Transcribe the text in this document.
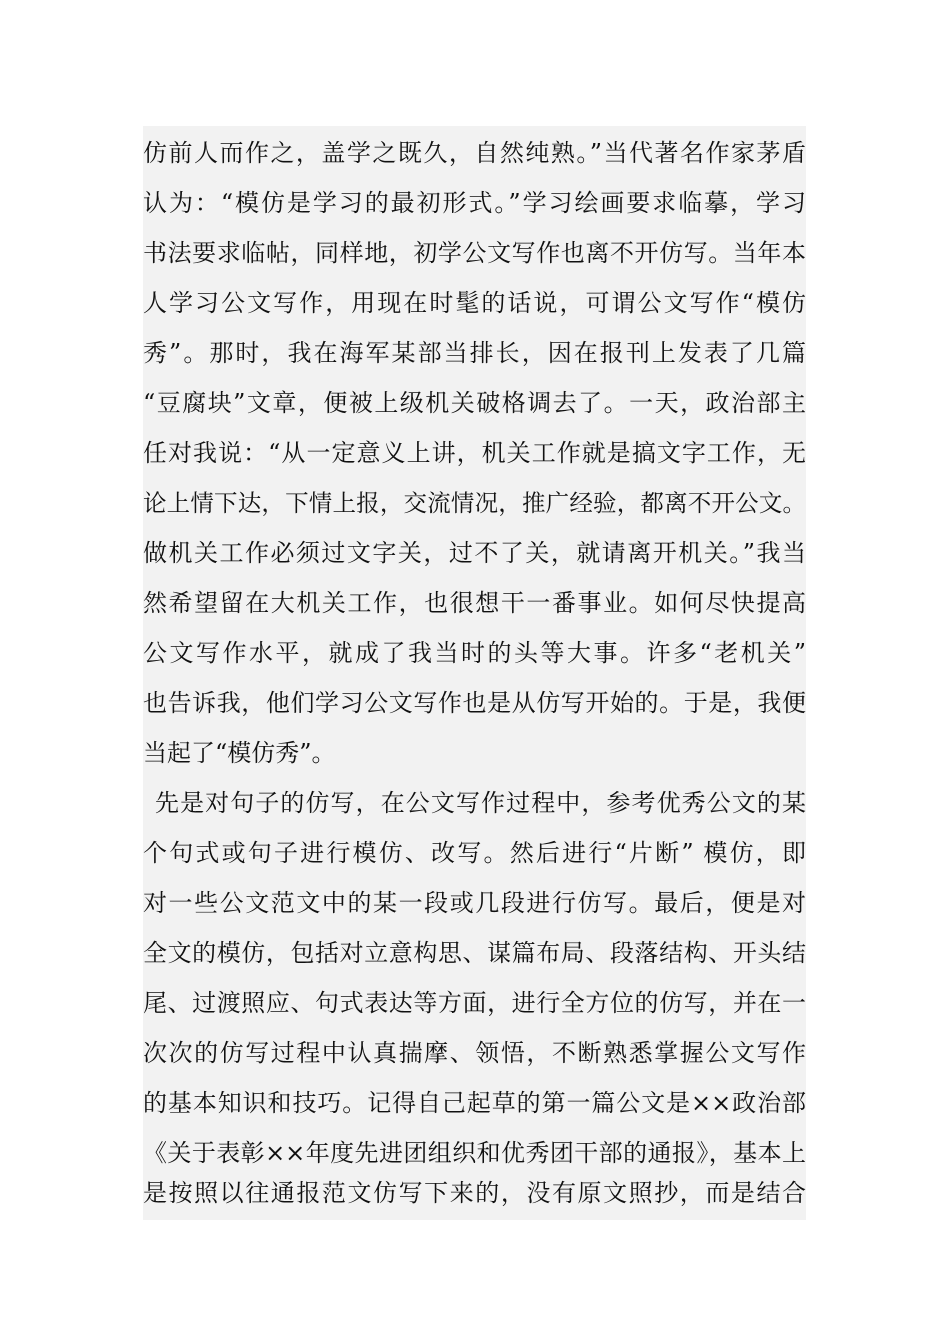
仿前人而作之，盖学之既久，自然纯熟。”当代著名作家茅盾
认为：“模仿是学习的最初形式。”学习绘画要求临摹，学习
书法要求临帖，同样地，初学公文写作也离不开仿写。当年本
人学习公文写作，用现在时髦的话说，可谓公文写作“模仿
秀”。那时，我在海军某部当排长，因在报刊上发表了几篇
“豆腐块”文章，便被上级机关破格调去了。一天，政治部主
任对我说：“从一定意义上讲，机关工作就是搞文字工作，无
论上情下达，下情上报，交流情况，推广经验，都离不开公文。
做机关工作必须过文字关，过不了关，就请离开机关。”我当
然希望留在大机关工作，也很想干一番事业。如何尽快提高
公文写作水平，就成了我当时的头等大事。许多“老机关”
也告诉我，他们学习公文写作也是从仿写开始的。于是，我便
当起了“模仿秀”。
先是对句子的仿写，在公文写作过程中，参考优秀公文的某
个句式或句子进行模仿、改写。然后进行“片断” 模仿，即
对一些公文范文中的某一段或几段进行仿写。最后，便是对
全文的模仿，包括对立意构思、谋篇布局、段落结构、开头结
尾、过渡照应、句式表达等方面，进行全方位的仿写，并在一
次次的仿写过程中认真揣摩、领悟，不断熟悉掌握公文写作
的基本知识和技巧。记得自己起草的第一篇公文是××政治部
《关于表彰××年度先进团组织和优秀团干部的通报》，基本上
是按照以往通报范文仿写下来的，没有原文照抄，而是结合
